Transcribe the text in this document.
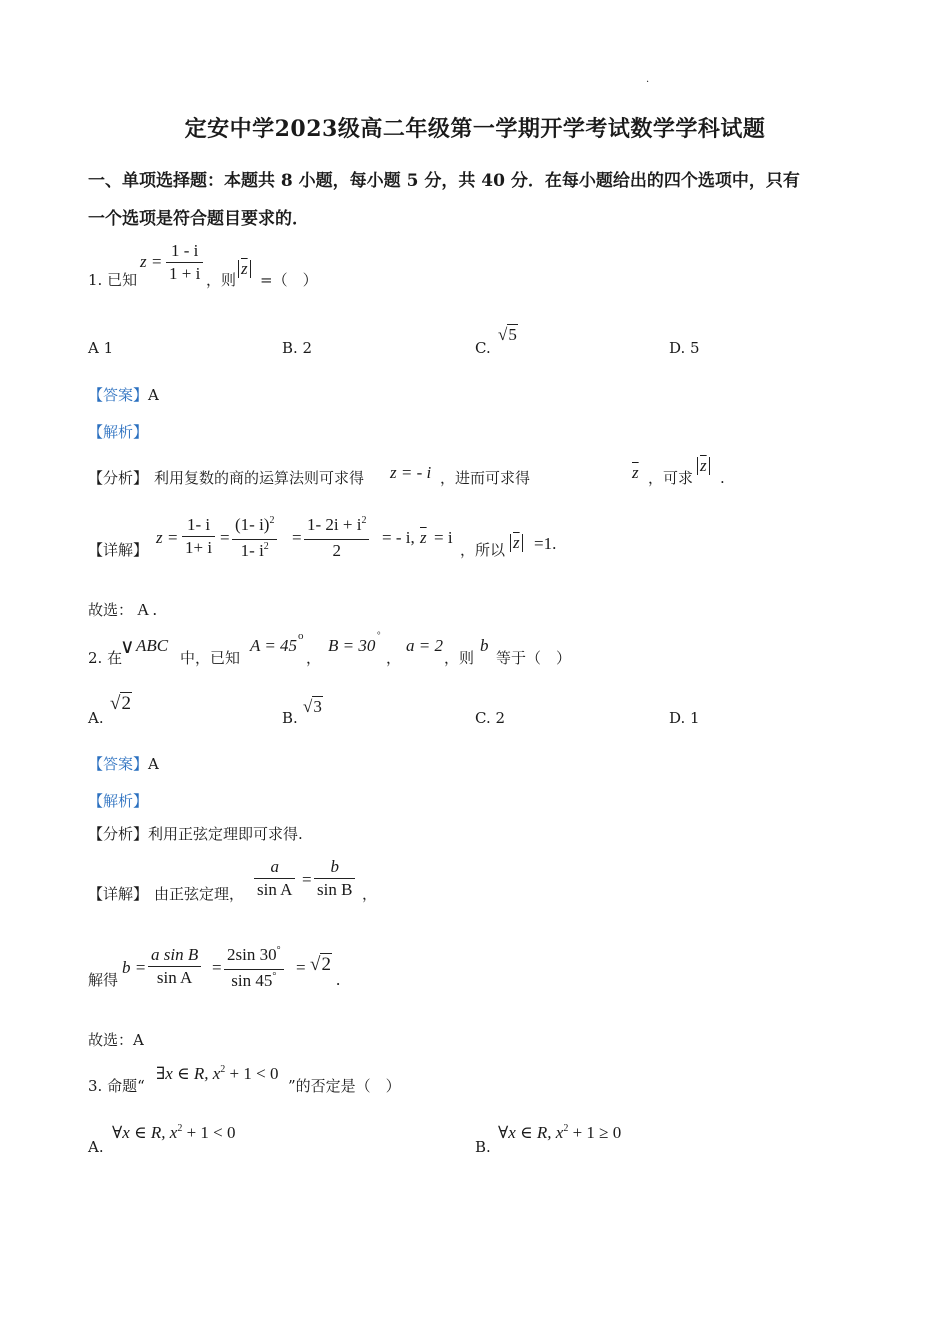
.
定安中学2023级高二年级第一学期开学考试数学学科试题
一、单项选择题：本题共 8 小题，每小题 5 分，共 40 分．在每小题给出的四个选项中，只有
一个选项是符合题目要求的．
1. 已知
$z = \frac{1 - i}{1 + i}$ ，则
$\overline{z}$
=（　）
A 1	B. 2	C.
√5
D. 5
【答案】A
【解析】
【分析】 利用复数的商的运算法则可求得 z = - i ，进而可求得	$\overline{z}$ ，可求
$\overline{z}$
.
【详解】
$z = \frac{1- i}{1+ i} = \frac{(1- i)^2}{1- i^2} = \frac{1- 2i + i^2}{2}$ = - i, $\overline{z} = i$
，所以 $\overline{z} =1$.
故选： A .
2. 在
∨ ABC
中，已知
A = 45 o
，
B = 30
°
，
a = 2
，则
b
等于（　）
A.
√2
B.
√3
C. 2	D. 1
【答案】A
【解析】
【分析】利用正弦定理即可求得.
【详解】 由正弦定理， $\frac{a}{\text{sin A}} = \frac{b}{\text{sin B}}$ ，
解得
$b = \frac{\text{a sin B}}{\text{sin A}} = \frac{2\sin 30^\circ}{\sin 45^\circ} = √2$
.
故选：A
3. 命题“
∃x ∈ R, $x^2 + 1 < 0$
”的否定是（　）
A.
∀x ∈ R, $x^2 + 1 < 0$
B.
∀x ∈ R, $x^2 + 1 \ge 0$
